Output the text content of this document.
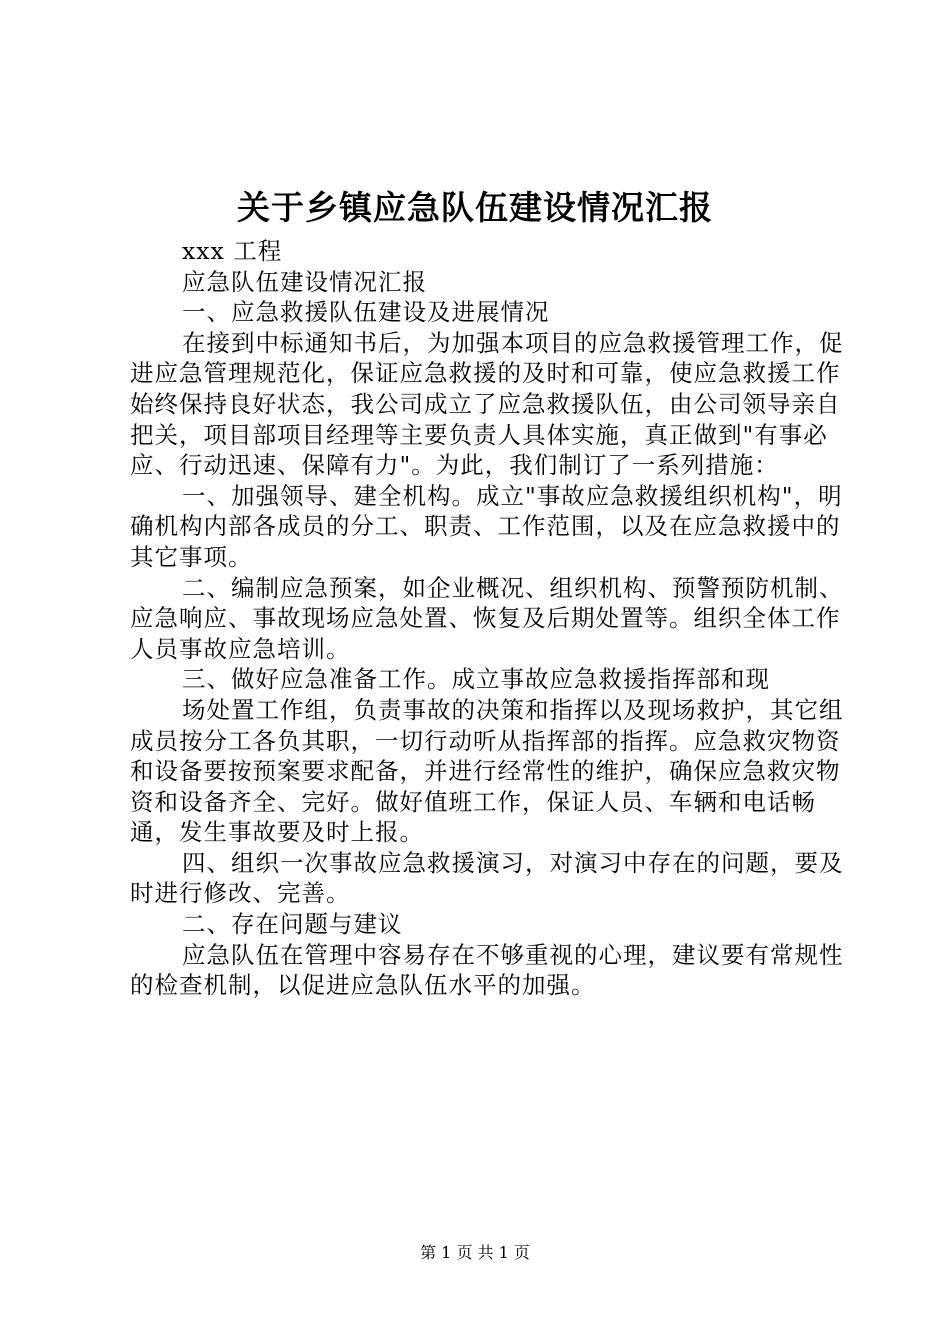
关于乡镇应急队伍建设情况汇报

xxx 工程

应急队伍建设情况汇报

一、应急救援队伍建设及进展情况

在接到中标通知书后，为加强本项目的应急救援管理工作，促进应急管理规范化，保证应急救援的及时和可靠，使应急救援工作始终保持良好状态，我公司成立了应急救援队伍，由公司领导亲自把关，项目部项目经理等主要负责人具体实施，真正做到"有事必应、行动迅速、保障有力"。为此，我们制订了一系列措施：

一、加强领导、建全机构。成立"事故应急救援组织机构"，明确机构内部各成员的分工、职责、工作范围，以及在应急救援中的其它事项。

二、编制应急预案，如企业概况、组织机构、预警预防机制、应急响应、事故现场应急处置、恢复及后期处置等。组织全体工作人员事故应急培训。

三、做好应急准备工作。成立事故应急救援指挥部和现

场处置工作组，负责事故的决策和指挥以及现场救护，其它组成员按分工各负其职，一切行动听从指挥部的指挥。应急救灾物资和设备要按预案要求配备，并进行经常性的维护，确保应急救灾物资和设备齐全、完好。做好值班工作，保证人员、车辆和电话畅通，发生事故要及时上报。

四、组织一次事故应急救援演习，对演习中存在的问题，要及时进行修改、完善。

二、存在问题与建议

应急队伍在管理中容易存在不够重视的心理，建议要有常规性的检查机制，以促进应急队伍水平的加强。

第 1 页 共 1 页
